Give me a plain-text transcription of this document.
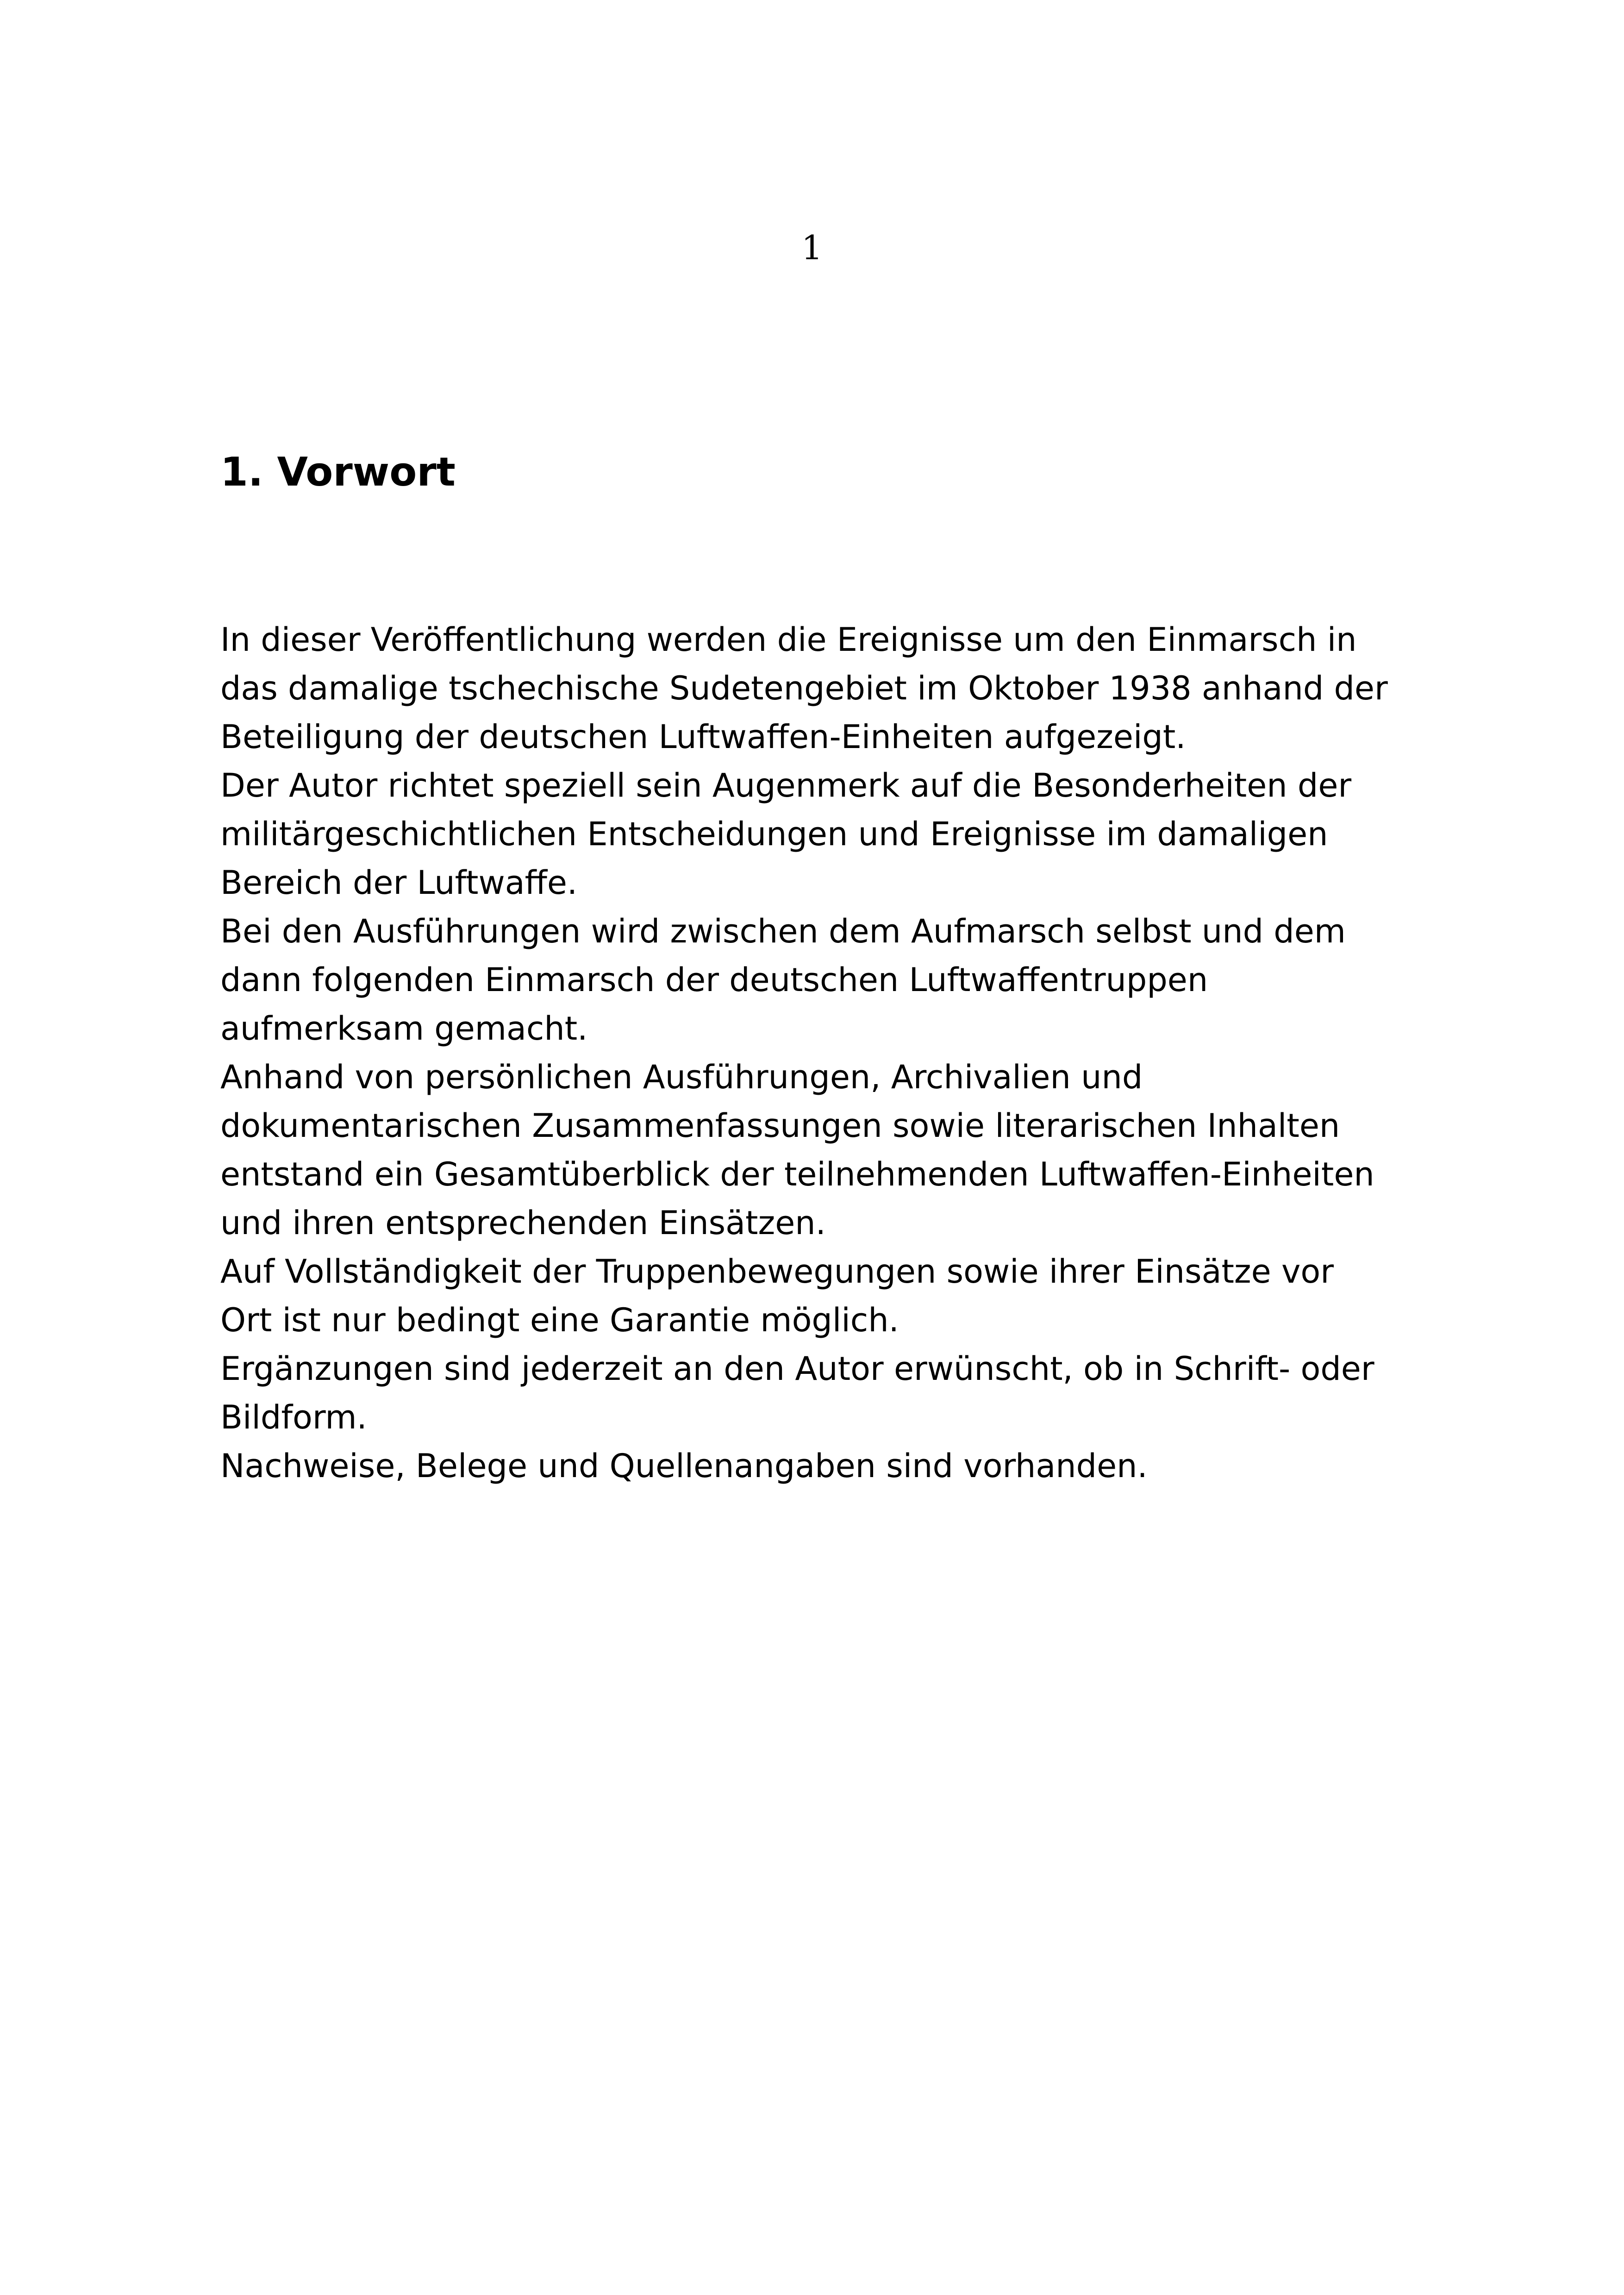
1
1. Vorwort
In dieser Veröffentlichung werden die Ereignisse um den Einmarsch in
das damalige tschechische Sudetengebiet im Oktober 1938 anhand der
Beteiligung der deutschen Luftwaffen-Einheiten aufgezeigt.
Der Autor richtet speziell sein Augenmerk auf die Besonderheiten der
militärgeschichtlichen Entscheidungen und Ereignisse im damaligen
Bereich der Luftwaffe.
Bei den Ausführungen wird zwischen dem Aufmarsch selbst und dem
dann folgenden Einmarsch der deutschen Luftwaffentruppen
aufmerksam gemacht.
Anhand von persönlichen Ausführungen, Archivalien und
dokumentarischen Zusammenfassungen sowie literarischen Inhalten
entstand ein Gesamtüberblick der teilnehmenden Luftwaffen-Einheiten
und ihren entsprechenden Einsätzen.
Auf Vollständigkeit der Truppenbewegungen sowie ihrer Einsätze vor
Ort ist nur bedingt eine Garantie möglich.
Ergänzungen sind jederzeit an den Autor erwünscht, ob in Schrift- oder
Bildform.
Nachweise, Belege und Quellenangaben sind vorhanden.
